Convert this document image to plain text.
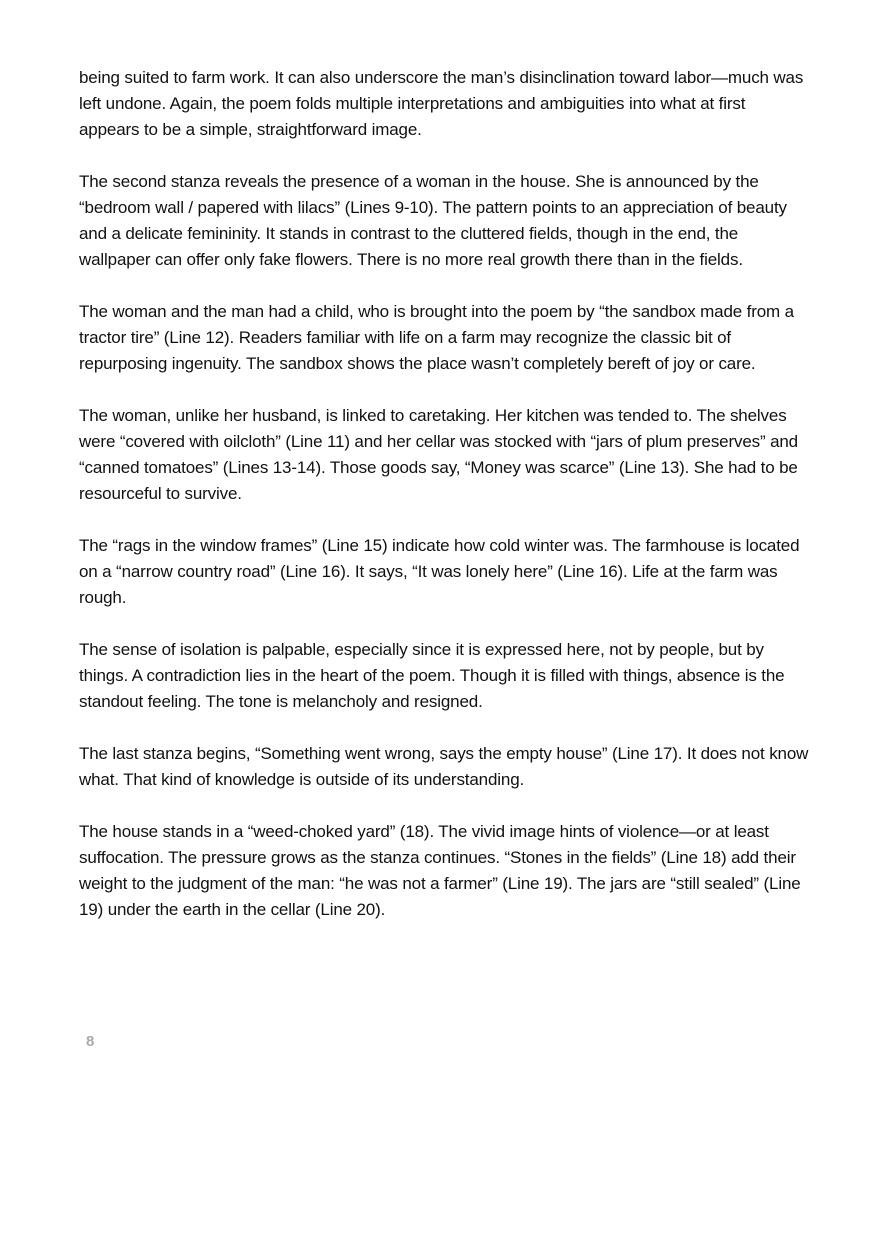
being suited to farm work. It can also underscore the man’s disinclination toward labor—much was left undone. Again, the poem folds multiple interpretations and ambiguities into what at first appears to be a simple, straightforward image.

The second stanza reveals the presence of a woman in the house. She is announced by the “bedroom wall / papered with lilacs” (Lines 9-10). The pattern points to an appreciation of beauty and a delicate femininity. It stands in contrast to the cluttered fields, though in the end, the wallpaper can offer only fake flowers. There is no more real growth there than in the fields.

The woman and the man had a child, who is brought into the poem by “the sandbox made from a tractor tire” (Line 12). Readers familiar with life on a farm may recognize the classic bit of repurposing ingenuity. The sandbox shows the place wasn’t completely bereft of joy or care.

The woman, unlike her husband, is linked to caretaking. Her kitchen was tended to. The shelves were “covered with oilcloth” (Line 11) and her cellar was stocked with “jars of plum preserves” and “canned tomatoes” (Lines 13-14). Those goods say, “Money was scarce” (Line 13). She had to be resourceful to survive.

The “rags in the window frames” (Line 15) indicate how cold winter was. The farmhouse is located on a “narrow country road” (Line 16). It says, “It was lonely here” (Line 16). Life at the farm was rough.

The sense of isolation is palpable, especially since it is expressed here, not by people, but by things. A contradiction lies in the heart of the poem. Though it is filled with things, absence is the standout feeling. The tone is melancholy and resigned.

The last stanza begins, “Something went wrong, says the empty house” (Line 17). It does not know what. That kind of knowledge is outside of its understanding.

The house stands in a “weed-choked yard” (18). The vivid image hints of violence—or at least suffocation. The pressure grows as the stanza continues. “Stones in the fields” (Line 18) add their weight to the judgment of the man: “he was not a farmer” (Line 19). The jars are “still sealed” (Line 19) under the earth in the cellar (Line 20).

8
